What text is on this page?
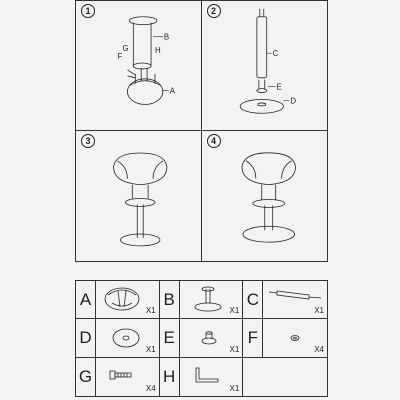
1
B
G
F
H
A
2
C
E
D
3	4
A
X1
B
X1
C
X1
D
X1
E
X1
F
X4
G
X4
H
X1
